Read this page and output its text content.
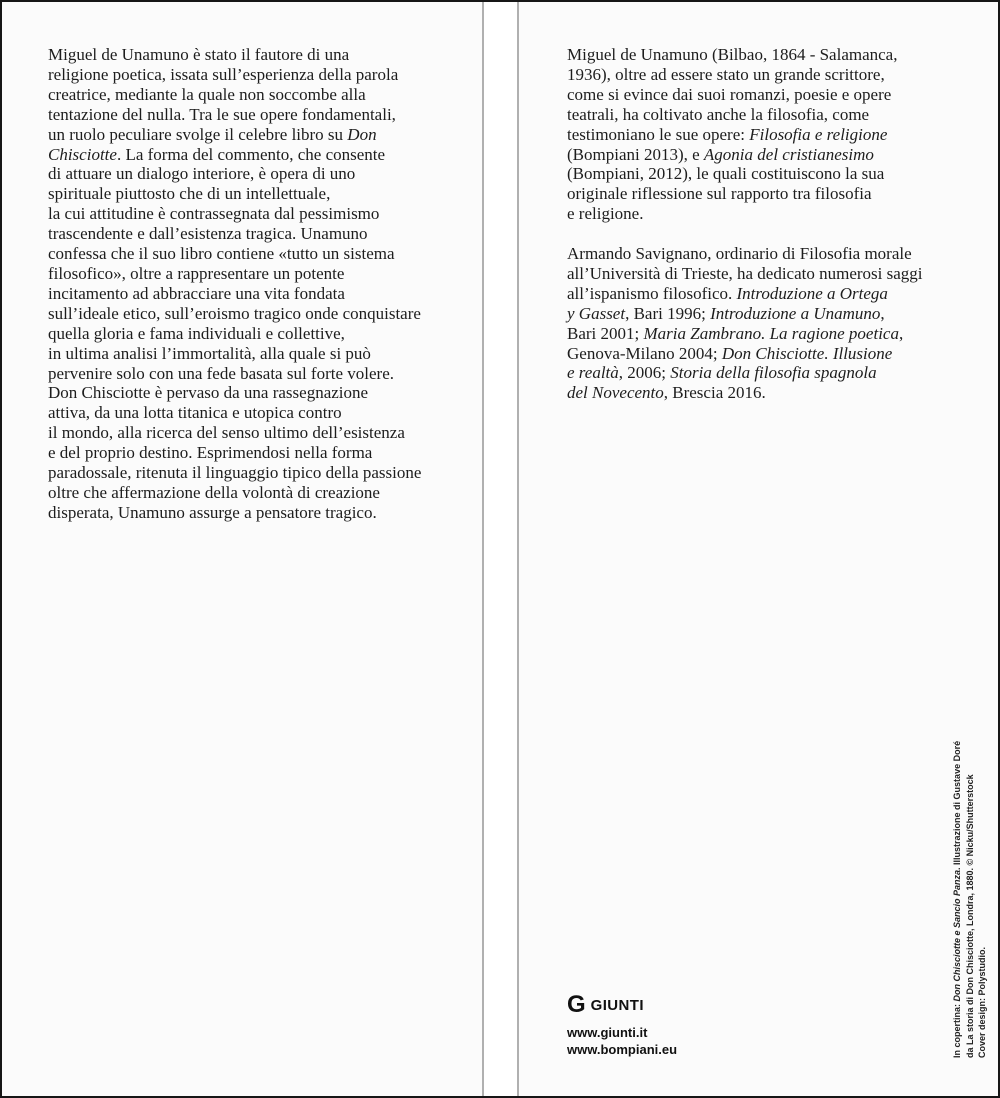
Miguel de Unamuno è stato il fautore di una
religione poetica, issata sull’esperienza della parola
creatrice, mediante la quale non soccombe alla
tentazione del nulla. Tra le sue opere fondamentali,
un ruolo peculiare svolge il celebre libro su Don
Chisciotte. La forma del commento, che consente
di attuare un dialogo interiore, è opera di uno
spirituale piuttosto che di un intellettuale,
la cui attitudine è contrassegnata dal pessimismo
trascendente e dall’esistenza tragica. Unamuno
confessa che il suo libro contiene «tutto un sistema
filosofico», oltre a rappresentare un potente
incitamento ad abbracciare una vita fondata
sull’ideale etico, sull’eroismo tragico onde conquistare
quella gloria e fama individuali e collettive,
in ultima analisi l’immortalità, alla quale si può
pervenire solo con una fede basata sul forte volere.
Don Chisciotte è pervaso da una rassegnazione
attiva, da una lotta titanica e utopica contro
il mondo, alla ricerca del senso ultimo dell’esistenza
e del proprio destino. Esprimendosi nella forma
paradossale, ritenuta il linguaggio tipico della passione
oltre che affermazione della volontà di creazione
disperata, Unamuno assurge a pensatore tragico.
Miguel de Unamuno (Bilbao, 1864 - Salamanca,
1936), oltre ad essere stato un grande scrittore,
come si evince dai suoi romanzi, poesie e opere
teatrali, ha coltivato anche la filosofia, come
testimoniano le sue opere: Filosofia e religione
(Bompiani 2013), e Agonia del cristianesimo
(Bompiani, 2012), le quali costituiscono la sua
originale riflessione sul rapporto tra filosofia
e religione.
Armando Savignano, ordinario di Filosofia morale
all’Università di Trieste, ha dedicato numerosi saggi
all’ispanismo filosofico. Introduzione a Ortega
y Gasset, Bari 1996; Introduzione a Unamuno,
Bari 2001; Maria Zambrano. La ragione poetica,
Genova-Milano 2004; Don Chisciotte. Illusione
e realtà, 2006; Storia della filosofia spagnola
del Novecento, Brescia 2016.
G GIUNTI
www.giunti.it
www.bompiani.eu	In copertina: Don Chisciotte e Sancio Panza. Illustrazione di Gustave Doré da La storia di Don Chisciotte, Londra, 1880. © Nicku/Shutterstock Cover design: Polystudio.
